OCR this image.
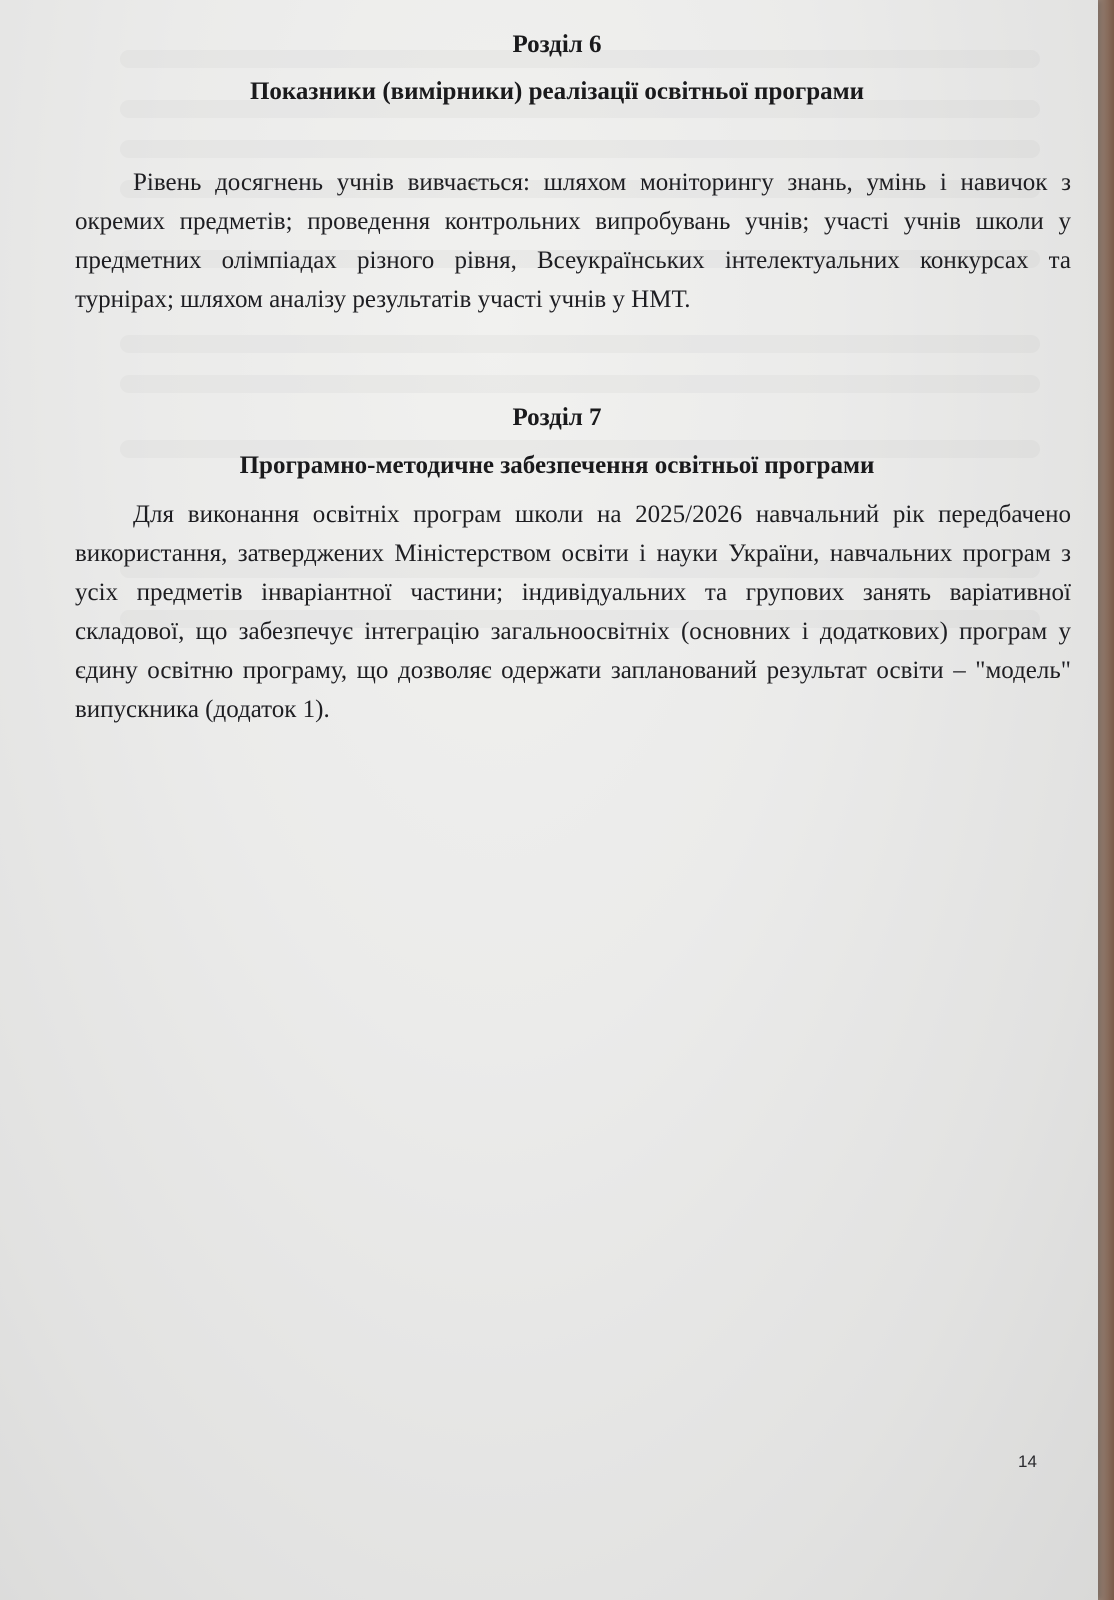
Розділ 6
Показники (вимірники) реалізації освітньої програми

Рівень досягнень учнів вивчається: шляхом моніторингу знань, умінь і навичок з окремих предметів; проведення контрольних випробувань учнів; участі учнів школи у предметних олімпіадах різного рівня, Всеукраїнських інтелектуальних конкурсах та турнірах; шляхом аналізу результатів участі учнів у НМТ.

Розділ 7
Програмно-методичне забезпечення освітньої програми

Для виконання освітніх програм школи на 2025/2026 навчальний рік передбачено використання, затверджених Міністерством освіти і науки України, навчальних програм з усіх предметів інваріантної частини; індивідуальних та групових занять варіативної складової, що забезпечує інтеграцію загальноосвітніх (основних і додаткових) програм у єдину освітню програму, що дозволяє одержати запланований результат освіти – "модель" випускника (додаток 1).

14
